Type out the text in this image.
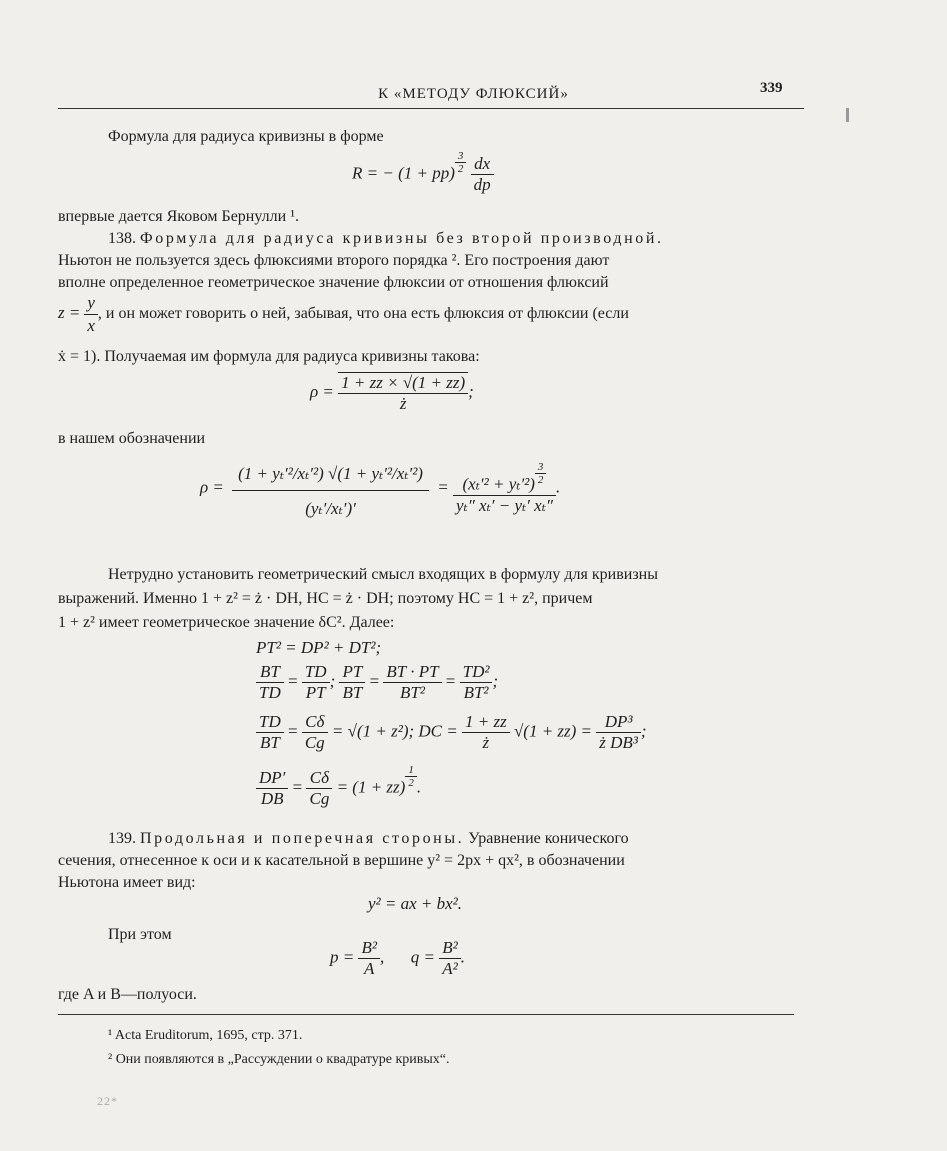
К «МЕТОДУ ФЛЮКСИЙ»	339
Формула для радиуса кривизны в форме
R = − $(1 + pp) \frac{3}{2}$
$\frac{dx}{dp}$
впервые дается Яковом Бернулли ¹.
138. Формула для радиуса кривизны без второй производной.
Ньютон не пользуется здесь флюксиями второго порядка ². Его построения дают
вполне определенное геометрическое значение флюксии от отношения флюксий
$z = \frac{y}{x}$ , и он может говорить о ней, забывая, что она есть флюксия от флюксии (если
ẋ = 1). Получаемая им формула для радиуса кривизны такова:
$\rho = \frac{1 + zz \times √(1 + zz)}{ż}$ ;
в нашем обозначении
$\rho = \frac{\text{(1 + yₜ′²/xₜ′²) √(1 + yₜ′²/xₜ′²)}}{\text{(yₜ′/xₜ′)′}} = \frac{(x_t'^2 + y_t'^2) \frac{3}{2}}{\text{yₜ″ xₜ′ − yₜ′ xₜ″}}$ .
Нетрудно установить геометрический смысл входящих в формулу для кривизны
выражений. Именно 1 + z² = ż · DH, HC = ż · DH; поэтому HC = 1 + z², причем
1 + z² имеет геометрическое значение δC². Далее:
PT² = DP² + DT²;
$\frac{BT}{TD} = \frac{TD}{PT}$ ; $\frac{PT}{BT} = \frac{BT \cdot PT}{\text{BT²}} = \frac{\text{TD²}}{\text{BT²}}$ ;
$\frac{TD}{BT} = \frac{C\delta}{Cg} = √(1 + z^2)$; DC = $\frac{1 + zz}{ż} √(1 + zz) = \frac{\text{DP³}}{\text{ż DB³}}$ ;
$\frac{DP'}{DB} = \frac{C\delta}{Cg} = (1 + zz) \frac{1}{2}$ .
139. Продольная и поперечная стороны. Уравнение конического
сечения, отнесенное к оси и к касательной в вершине y² = 2px + qx², в обозначении
Ньютона имеет вид:
y² = ax + bx².
При этом
$p = \frac{\text{B²}}{A}$ , $q = \frac{\text{B²}}{\text{A²}}$ .
где A и B—полуоси.
¹ Acta Eruditorum, 1695, стр. 371.
² Они появляются в „Рассуждении о квадратуре кривых“.
22*
